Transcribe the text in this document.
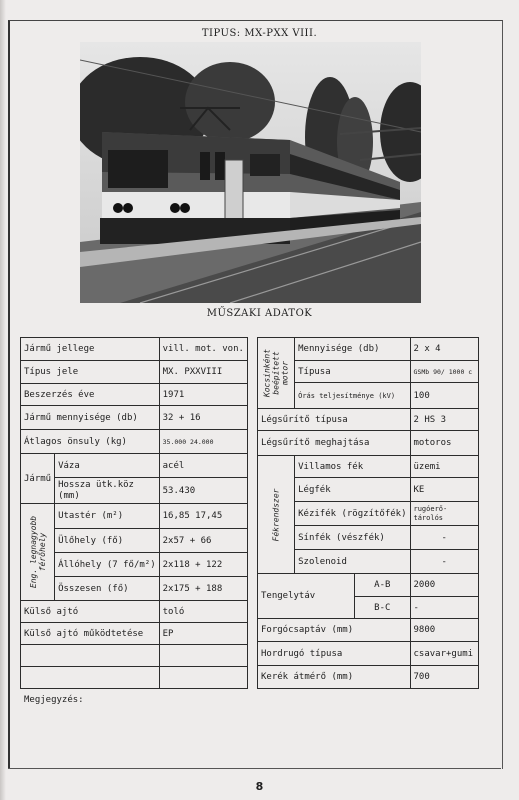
TIPUS: MX-PXX VIII.
MŰSZAKI ADATOK
Jármű jellege		vill. mot. von.
Típus jele		MX. PXXVIII
Beszerzés éve		1971
Jármű mennyisége (db)		32 + 16
Átlagos önsuly (kg)		35.000 24.000
Jármű	Váza	acél
	Hossza ütk.köz (mm)	53.430

Eng. legnagyobb férőhely	Utastér (m²)	16,85 17,45
	Ülőhely (fő)	2x57 + 66
	Állóhely (7 fő/m²)	2x118 + 122
	Összesen (fő)	2x175 + 188
Külső ajtó		toló
Külső ajtó működtetése		EP

Kocsinként beépített motor	Mennyisége (db)		2 x 4
	Típusa		GSMb 90/ 1000 c
	Órás teljesítménye (kV)		100
Légsűrítő típusa			2 HS 3
Légsűrítő meghajtása			motoros

Fékrendszer	Villamos fék		üzemi
	Légfék		KE
	Kézifék (rögzítőfék)		rugóerő-tárolós
	Sínfék (vészfék)		-
	Szolenoid		-
Tengelytáv		A-B	2000
		B-C	-
Forgócsaptáv (mm)			9800
Hordrugó típusa			csavar+gumi
Kerék átmérő (mm)			700
Megjegyzés:
8
